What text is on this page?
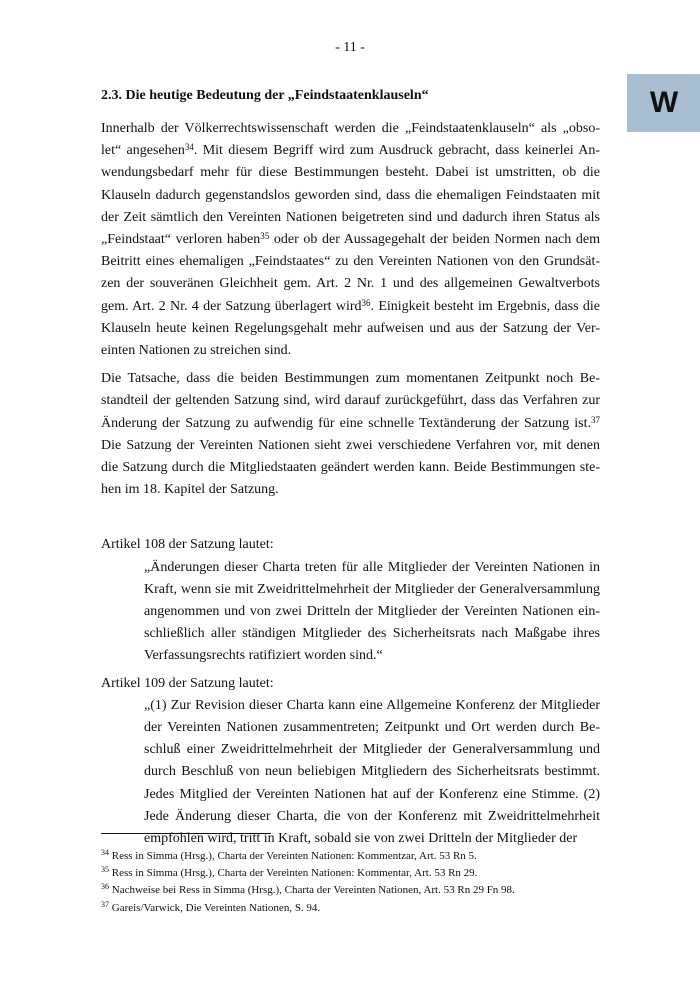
- 11 -
W
2.3. Die heutige Bedeutung der „Feindstaatenklauseln“

Innerhalb der Völkerrechtswissenschaft werden die „Feindstaatenklauseln“ als „obso-let“ angesehen$^{34}$. Mit diesem Begriff wird zum Ausdruck gebracht, dass keinerlei An-wendungsbedarf mehr für diese Bestimmungen besteht. Dabei ist umstritten, ob die Klauseln dadurch gegenstandslos geworden sind, dass die ehemaligen Feindstaaten mit der Zeit sämtlich den Vereinten Nationen beigetreten sind und dadurch ihren Status als „Feindstaat“ verloren haben$^{35}$ oder ob der Aussagegehalt der beiden Normen nach dem Beitritt eines ehemaligen „Feindstaates“ zu den Vereinten Nationen von den Grundsät-zen der souveränen Gleichheit gem. Art. 2 Nr. 1 und des allgemeinen Gewaltverbots gem. Art. 2 Nr. 4 der Satzung überlagert wird$^{36}$. Einigkeit besteht im Ergebnis, dass die Klauseln heute keinen Regelungsgehalt mehr aufweisen und aus der Satzung der Ver-einten Nationen zu streichen sind.

Die Tatsache, dass die beiden Bestimmungen zum momentanen Zeitpunkt noch Be-standteil der geltenden Satzung sind, wird darauf zurückgeführt, dass das Verfahren zur Änderung der Satzung zu aufwendig für eine schnelle Textänderung der Satzung ist.$^{37}$ Die Satzung der Vereinten Nationen sieht zwei verschiedene Verfahren vor, mit denen die Satzung durch die Mitgliedstaaten geändert werden kann. Beide Bestimmungen ste-hen im 18. Kapitel der Satzung.

Artikel 108 der Satzung lautet:

„Änderungen dieser Charta treten für alle Mitglieder der Vereinten Nationen in Kraft, wenn sie mit Zweidrittelmehrheit der Mitglieder der Generalversammlung angenommen und von zwei Dritteln der Mitglieder der Vereinten Nationen ein-schließlich aller ständigen Mitglieder des Sicherheitsrats nach Maßgabe ihres Verfassungsrechts ratifiziert worden sind.“

Artikel 109 der Satzung lautet:

„(1) Zur Revision dieser Charta kann eine Allgemeine Konferenz der Mitglieder der Vereinten Nationen zusammentreten; Zeitpunkt und Ort werden durch Be-schluß einer Zweidrittelmehrheit der Mitglieder der Generalversammlung und durch Beschluß von neun beliebigen Mitgliedern des Sicherheitsrats bestimmt. Jedes Mitglied der Vereinten Nationen hat auf der Konferenz eine Stimme. (2) Jede Änderung dieser Charta, die von der Konferenz mit Zweidrittelmehrheit empfohlen wird, tritt in Kraft, sobald sie von zwei Dritteln der Mitglieder der

$^{34}$ Ress in Simma (Hrsg.), Charta der Vereinten Nationen: Kommentzar, Art. 53 Rn 5.
$^{35}$ Ress in Simma (Hrsg.), Charta der Vereinten Nationen: Kommentar, Art. 53 Rn 29.
$^{36}$ Nachweise bei Ress in Simma (Hrsg.), Charta der Vereinten Nationen, Art. 53 Rn 29 Fn 98.
$^{37}$ Gareis/Varwick, Die Vereinten Nationen, S. 94.
